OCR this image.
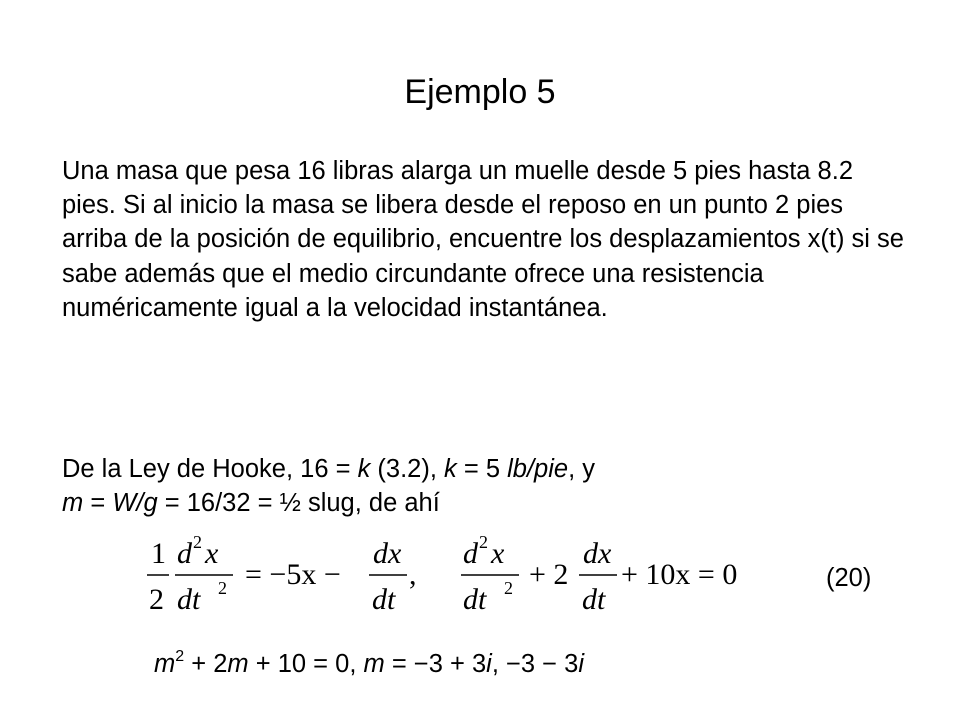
Ejemplo 5
Una masa que pesa 16 libras alarga un muelle desde 5 pies hasta 8.2 pies. Si al inicio la masa se libera desde el reposo en un punto 2 pies arriba de la posición de equilibrio, encuentre los desplazamientos x(t) si se sabe además que el medio circundante ofrece una resistencia numéricamente igual a la velocidad instantánea.
De la Ley de Hooke, 16 = k (3.2), k = 5 lb/pie, y
m = W/g = 16/32 = ½ slug, de ahí
1
2
d 2 x
dt 2 = −5x −
dx
dt
,
d 2 x
dt 2 + 2
dx
dt
+ 10x = 0	(20)
$m^2 + 2m + 10 = 0$, m = −3 + 3i, −3 − 3i
